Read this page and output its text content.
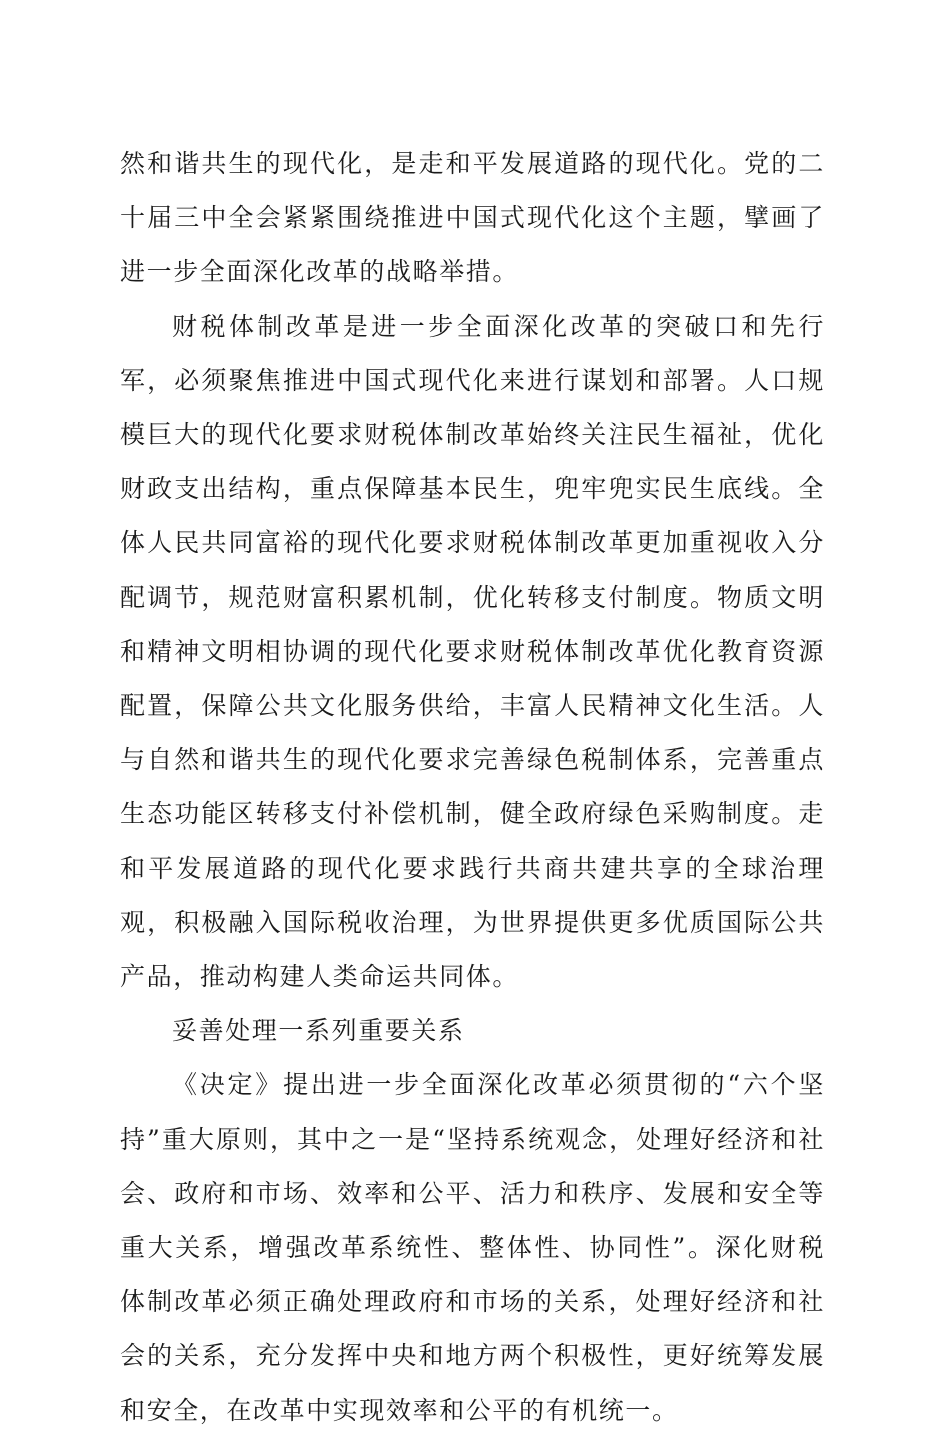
然和谐共生的现代化，是走和平发展道路的现代化。党的二十届三中全会紧紧围绕推进中国式现代化这个主题，擘画了进一步全面深化改革的战略举措。

财税体制改革是进一步全面深化改革的突破口和先行军，必须聚焦推进中国式现代化来进行谋划和部署。人口规模巨大的现代化要求财税体制改革始终关注民生福祉，优化财政支出结构，重点保障基本民生，兜牢兜实民生底线。全体人民共同富裕的现代化要求财税体制改革更加重视收入分配调节，规范财富积累机制，优化转移支付制度。物质文明和精神文明相协调的现代化要求财税体制改革优化教育资源配置，保障公共文化服务供给，丰富人民精神文化生活。人与自然和谐共生的现代化要求完善绿色税制体系，完善重点生态功能区转移支付补偿机制，健全政府绿色采购制度。走和平发展道路的现代化要求践行共商共建共享的全球治理观，积极融入国际税收治理，为世界提供更多优质国际公共产品，推动构建人类命运共同体。

妥善处理一系列重要关系

《决定》提出进一步全面深化改革必须贯彻的“六个坚持”重大原则，其中之一是“坚持系统观念，处理好经济和社会、政府和市场、效率和公平、活力和秩序、发展和安全等重大关系，增强改革系统性、整体性、协同性”。深化财税体制改革必须正确处理政府和市场的关系，处理好经济和社会的关系，充分发挥中央和地方两个积极性，更好统筹发展和安全，在改革中实现效率和公平的有机统一。
